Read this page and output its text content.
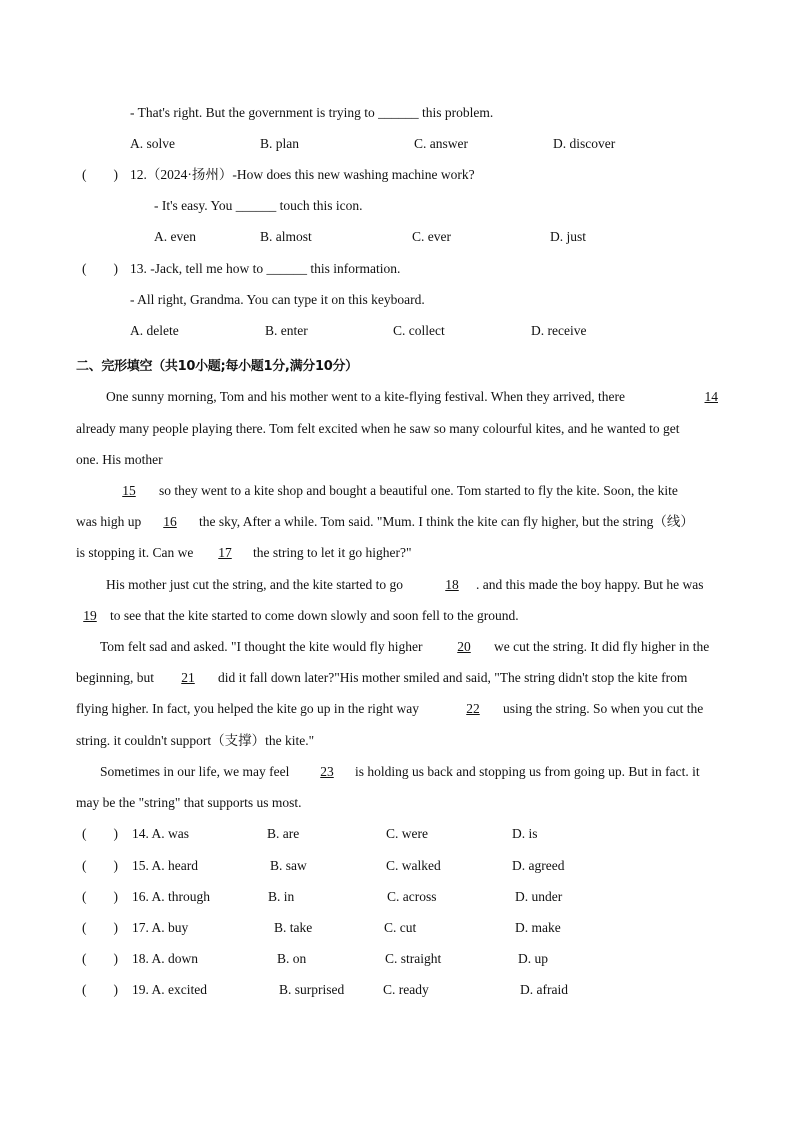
- That's right. But the government is trying to ______ this problem.
A. solve	B. plan	C. answer	D. discover
(        ) 12.（2024·扬州）-How does this new washing machine work?
- It's easy. You ______ touch this icon.
A. even	B. almost	C. ever	D. just
(        ) 13. -Jack, tell me how to ______ this information.
- All right, Grandma. You can type it on this keyboard.
A. delete	B. enter	C. collect	D. receive
二、完形填空（共10小题;每小题1分,满分10分）
One sunny morning, Tom and his mother went to a kite-flying festival. When they arrived, there	14
already many people playing there. Tom felt excited when he saw so many colourful kites, and he wanted to get
one. His mother
15	so they went to a kite shop and bought a beautiful one. Tom started to fly the kite. Soon, the kite
was high up	16	the sky, After a while. Tom said. "Mum. I think the kite can fly higher, but the string（线）
is stopping it. Can we	17	the string to let it go higher?"
His mother just cut the string, and the kite started to go	18	. and this made the boy happy. But he was
19 to see that the kite started to come down slowly and soon fell to the ground.
Tom felt sad and asked. "I thought the kite would fly higher	20	we cut the string. It did fly higher in the
beginning, but	21	did it fall down later?"His mother smiled and said, "The string didn't stop the kite from
flying higher. In fact, you helped the kite go up in the right way	22	using the string. So when you cut the
string. it couldn't support（支撑）the kite."
Sometimes in our life, we may feel	23	is holding us back and stopping us from going up. But in fact. it
may be the "string" that supports us most.
(        ) 14. A. was	B. are	C. were	D. is
(        ) 15. A. heard	B. saw	C. walked	D. agreed
(        ) 16. A. through	B. in	C. across	D. under
(        ) 17. A. buy	B. take	C. cut	D. make
(        ) 18. A. down	B. on	C. straight	D. up
(        ) 19. A. excited	B. surprised	C. ready	D. afraid
